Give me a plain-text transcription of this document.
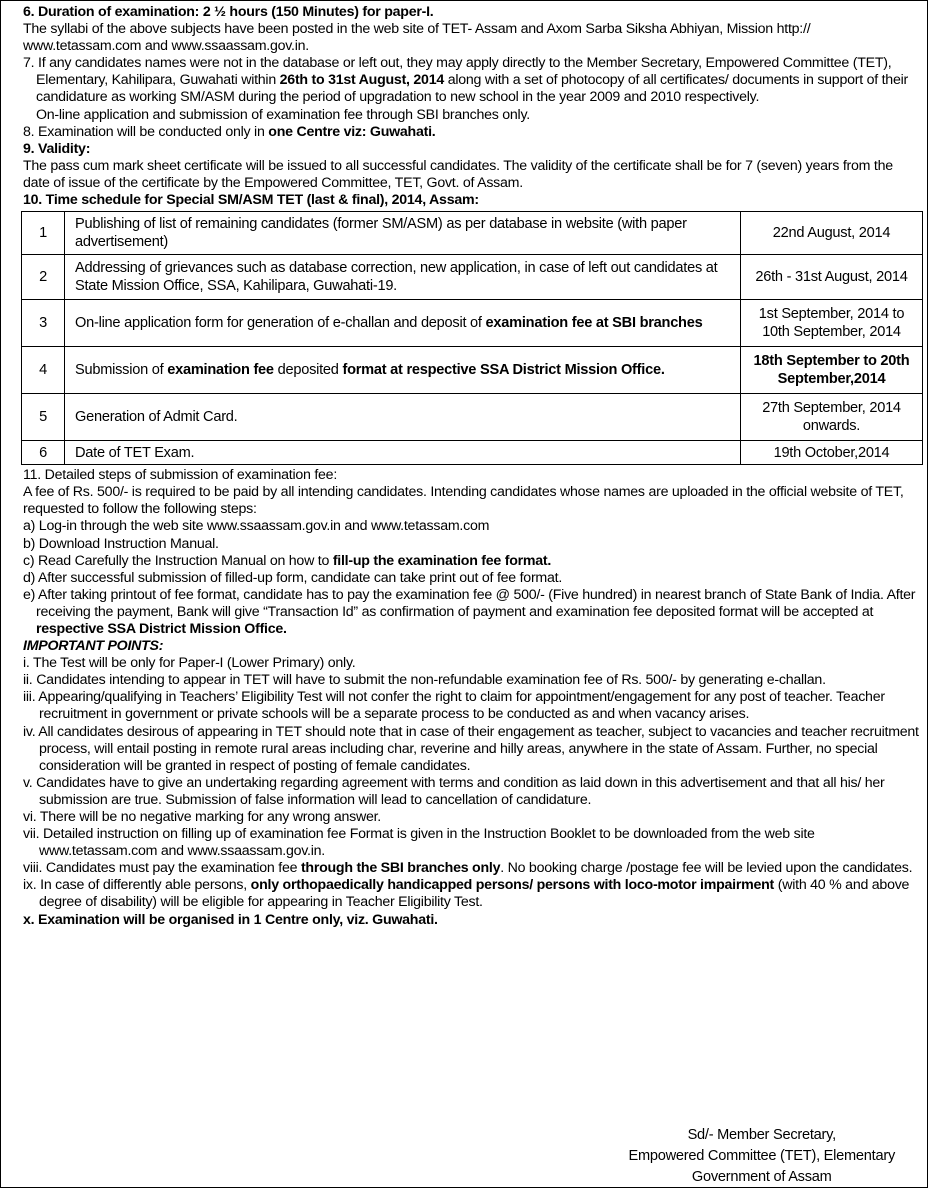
6. Duration of examination: 2 ½ hours (150 Minutes) for paper-I.

The syllabi of the above subjects have been posted in the web site of TET- Assam and Axom Sarba Siksha Abhiyan, Mission http:// www.tetassam.com and www.ssaassam.gov.in.

7. If any candidates names were not in the database or left out, they may apply directly to the Member Secretary, Empowered Committee (TET), Elementary, Kahilipara, Guwahati within 26th to 31st August, 2014 along with a set of photocopy of all certificates/ documents in support of their candidature as working SM/ASM during the period of upgradation to new school in the year 2009 and 2010 respectively.
On-line application and submission of examination fee through SBI branches only.

8. Examination will be conducted only in one Centre viz: Guwahati.

9. Validity:

The pass cum mark sheet certificate will be issued to all successful candidates. The validity of the certificate shall be for 7 (seven) years from the date of issue of the certificate by the Empowered Committee, TET, Govt. of Assam.

10. Time schedule for Special SM/ASM TET (last & final), 2014, Assam:

1	Publishing of list of remaining candidates (former SM/ASM) as per database in website (with paper advertisement)	22nd August, 2014
2	Addressing of grievances such as database correction, new application, in case of left out candidates at State Mission Office, SSA, Kahilipara, Guwahati-19.	26th - 31st August, 2014
3	On-line application form for generation of e-challan and deposit of examination fee at SBI branches	1st September, 2014 to
10th September, 2014
4	Submission of examination fee deposited format at respective SSA District Mission Office.	18th September to 20th
September,2014
5	Generation of Admit Card.	27th September, 2014
onwards.
6	Date of TET Exam.	19th October,2014

11. Detailed steps of submission of examination fee:

A fee of Rs. 500/- is required to be paid by all intending candidates. Intending candidates whose names are uploaded in the official website of TET, requested to follow the following steps:

a) Log-in through the web site www.ssaassam.gov.in and www.tetassam.com

b) Download Instruction Manual.

c) Read Carefully the Instruction Manual on how to fill-up the examination fee format.

d) After successful submission of filled-up form, candidate can take print out of fee format.

e) After taking printout of fee format, candidate has to pay the examination fee @ 500/- (Five hundred) in nearest branch of State Bank of India. After receiving the payment, Bank will give “Transaction Id” as confirmation of payment and examination fee deposited format will be accepted at respective SSA District Mission Office.

IMPORTANT POINTS:

i. The Test will be only for Paper-I (Lower Primary) only.

ii. Candidates intending to appear in TET will have to submit the non-refundable examination fee of Rs. 500/- by generating e-challan.

iii. Appearing/qualifying in Teachers’ Eligibility Test will not confer the right to claim for appointment/engagement for any post of teacher. Teacher recruitment in government or private schools will be a separate process to be conducted as and when vacancy arises.

iv. All candidates desirous of appearing in TET should note that in case of their engagement as teacher, subject to vacancies and teacher recruitment process, will entail posting in remote rural areas including char, reverine and hilly areas, anywhere in the state of Assam. Further, no special consideration will be granted in respect of posting of female candidates.

v. Candidates have to give an undertaking regarding agreement with terms and condition as laid down in this advertisement and that all his/ her submission are true. Submission of false information will lead to cancellation of candidature.

vi. There will be no negative marking for any wrong answer.

vii. Detailed instruction on filling up of examination fee Format is given in the Instruction Booklet to be downloaded from the web site www.tetassam.com and www.ssaassam.gov.in.

viii. Candidates must pay the examination fee through the SBI branches only. No booking charge /postage fee will be levied upon the candidates.

ix. In case of differently able persons, only orthopaedically handicapped persons/ persons with loco-motor impairment (with 40 % and above degree of disability) will be eligible for appearing in Teacher Eligibility Test.

x. Examination will be organised in 1 Centre only, viz. Guwahati.

Sd/- Member Secretary,
Empowered Committee (TET), Elementary
Government of Assam
